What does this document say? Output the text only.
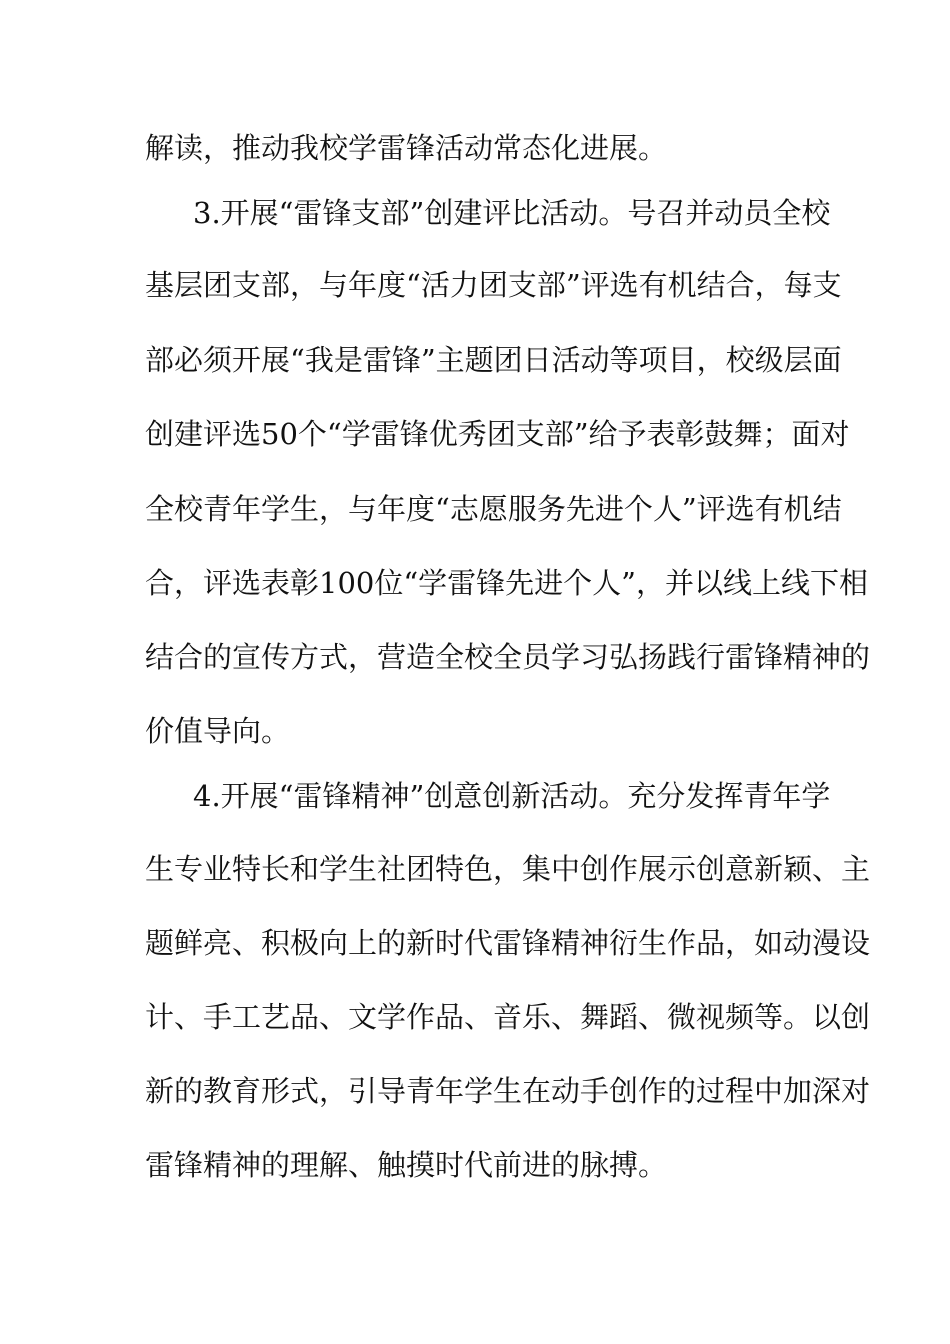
解读，推动我校学雷锋活动常态化进展。
3.开展“雷锋支部”创建评比活动。号召并动员全校
基层团支部，与年度“活力团支部”评选有机结合，每支
部必须开展“我是雷锋”主题团日活动等项目，校级层面
创建评选50个“学雷锋优秀团支部”给予表彰鼓舞；面对
全校青年学生，与年度“志愿服务先进个人”评选有机结
合，评选表彰100位“学雷锋先进个人”，并以线上线下相
结合的宣传方式，营造全校全员学习弘扬践行雷锋精神的
价值导向。
4.开展“雷锋精神”创意创新活动。充分发挥青年学
生专业特长和学生社团特色，集中创作展示创意新颖、主
题鲜亮、积极向上的新时代雷锋精神衍生作品，如动漫设
计、手工艺品、文学作品、音乐、舞蹈、微视频等。以创
新的教育形式，引导青年学生在动手创作的过程中加深对
雷锋精神的理解、触摸时代前进的脉搏。
